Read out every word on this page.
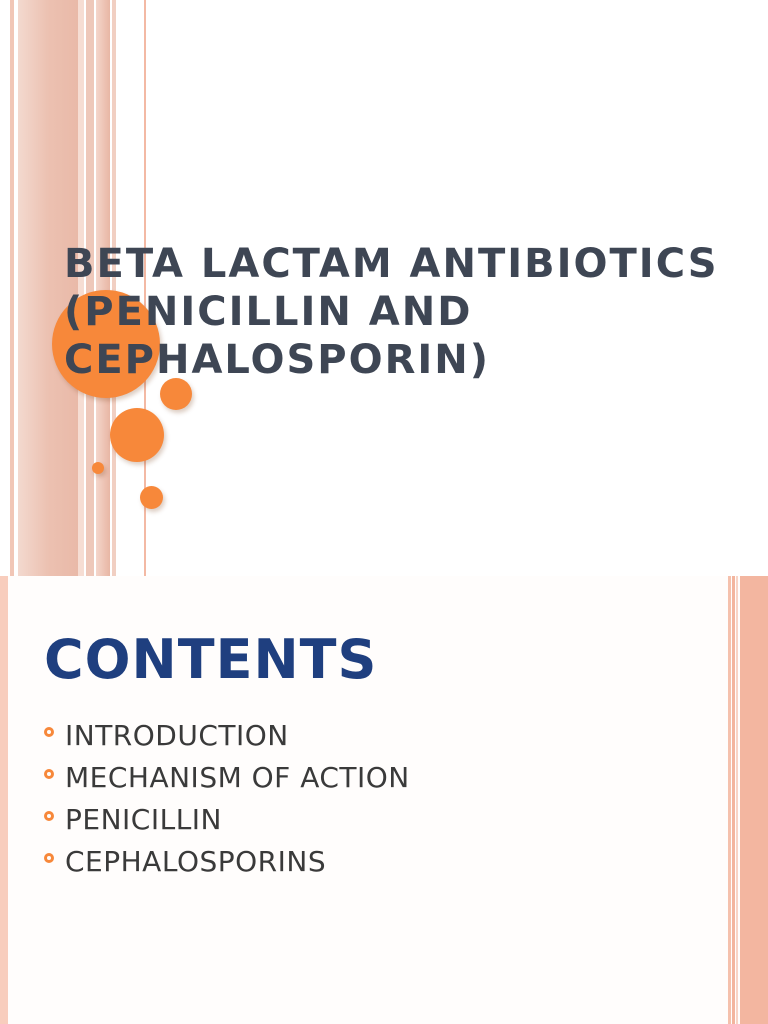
BETA LACTAM ANTIBIOTICS (PENICILLIN AND CEPHALOSPORIN)
CONTENTS
INTRODUCTION
MECHANISM OF ACTION
PENICILLIN
CEPHALOSPORINS
